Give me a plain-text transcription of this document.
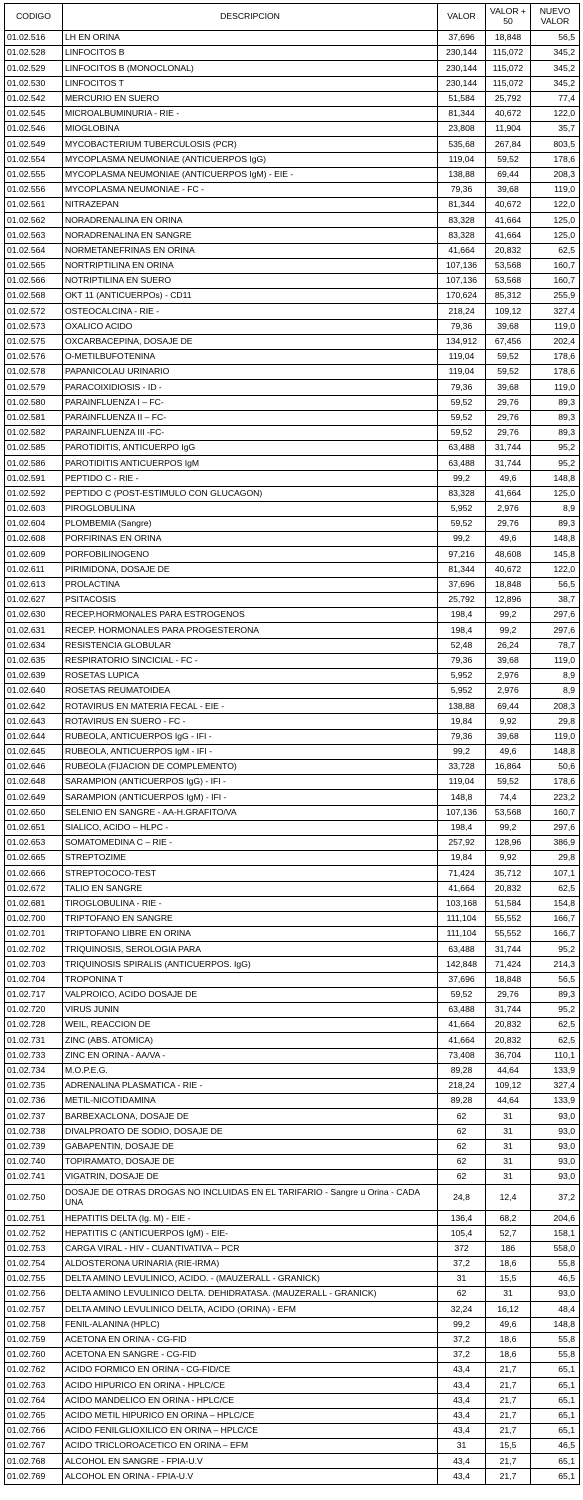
CODIGO	DESCRIPCION	VALOR	VALOR + 50	NUEVO VALOR
01.02.516	LH EN ORINA	37,696	18,848	56,5
01.02.528	LINFOCITOS B	230,144	115,072	345,2
01.02.529	LINFOCITOS B (MONOCLONAL)	230,144	115,072	345,2
01.02.530	LINFOCITOS T	230,144	115,072	345,2
01.02.542	MERCURIO EN SUERO	51,584	25,792	77,4
01.02.545	MICROALBUMINURIA - RIE -	81,344	40,672	122,0
01.02.546	MIOGLOBINA	23,808	11,904	35,7
01.02.549	MYCOBACTERIUM TUBERCULOSIS (PCR)	535,68	267,84	803,5
01.02.554	MYCOPLASMA NEUMONIAE (ANTICUERPOS IgG)	119,04	59,52	178,6
01.02.555	MYCOPLASMA NEUMONIAE (ANTICUERPOS IgM) - EIE -	138,88	69,44	208,3
01.02.556	MYCOPLASMA NEUMONIAE - FC -	79,36	39,68	119,0
01.02.561	NITRAZEPAN	81,344	40,672	122,0
01.02.562	NORADRENALINA EN ORINA	83,328	41,664	125,0
01.02.563	NORADRENALINA EN SANGRE	83,328	41,664	125,0
01.02.564	NORMETANEFRINAS EN ORINA	41,664	20,832	62,5
01.02.565	NORTRIPTILINA EN ORINA	107,136	53,568	160,7
01.02.566	NOTRIPTILINA EN SUERO	107,136	53,568	160,7
01.02.568	OKT 11 (ANTICUERPOs) - CD11	170,624	85,312	255,9
01.02.572	OSTEOCALCINA - RIE -	218,24	109,12	327,4
01.02.573	OXALICO ACIDO	79,36	39,68	119,0
01.02.575	OXCARBACEPINA, DOSAJE DE	134,912	67,456	202,4
01.02.576	O-METILBUFOTENINA	119,04	59,52	178,6
01.02.578	PAPANICOLAU URINARIO	119,04	59,52	178,6
01.02.579	PARACOIXIDIOSIS - ID -	79,36	39,68	119,0
01.02.580	PARAINFLUENZA I – FC-	59,52	29,76	89,3
01.02.581	PARAINFLUENZA II – FC-	59,52	29,76	89,3
01.02.582	PARAINFLUENZA III -FC-	59,52	29,76	89,3
01.02.585	PAROTIDITIS, ANTICUERPO IgG	63,488	31,744	95,2
01.02.586	PAROTIDITIS ANTICUERPOS IgM	63,488	31,744	95,2
01.02.591	PEPTIDO C - RIE -	99,2	49,6	148,8
01.02.592	PEPTIDO C (POST-ESTIMULO CON GLUCAGON)	83,328	41,664	125,0
01.02.603	PIROGLOBULINA	5,952	2,976	8,9
01.02.604	PLOMBEMIA (Sangre)	59,52	29,76	89,3
01.02.608	PORFIRINAS EN ORINA	99,2	49,6	148,8
01.02.609	PORFOBILINOGENO	97,216	48,608	145,8
01.02.611	PIRIMIDONA, DOSAJE DE	81,344	40,672	122,0
01.02.613	PROLACTINA	37,696	18,848	56,5
01.02.627	PSITACOSIS	25,792	12,896	38,7
01.02.630	RECEP.HORMONALES PARA ESTROGENOS	198,4	99,2	297,6
01.02.631	RECEP. HORMONALES PARA PROGESTERONA	198,4	99,2	297,6
01.02.634	RESISTENCIA GLOBULAR	52,48	26,24	78,7
01.02.635	RESPIRATORIO SINCICIAL - FC -	79,36	39,68	119,0
01.02.639	ROSETAS LUPICA	5,952	2,976	8,9
01.02.640	ROSETAS REUMATOIDEA	5,952	2,976	8,9
01.02.642	ROTAVIRUS EN MATERIA FECAL - EIE -	138,88	69,44	208,3
01.02.643	ROTAVIRUS EN SUERO - FC -	19,84	9,92	29,8
01.02.644	RUBEOLA, ANTICUERPOS IgG - IFI -	79,36	39,68	119,0
01.02.645	RUBEOLA, ANTICUERPOS IgM - IFI -	99,2	49,6	148,8
01.02.646	RUBEOLA (FIJACION DE COMPLEMENTO)	33,728	16,864	50,6
01.02.648	SARAMPION (ANTICUERPOS IgG) - IFI -	119,04	59,52	178,6
01.02.649	SARAMPION (ANTICUERPOS IgM) - IFI -	148,8	74,4	223,2
01.02.650	SELENIO EN SANGRE - AA-H.GRAFITO/VA	107,136	53,568	160,7
01.02.651	SIALICO, ACIDO – HLPC -	198,4	99,2	297,6
01.02.653	SOMATOMEDINA C – RIE -	257,92	128,96	386,9
01.02.665	STREPTOZIME	19,84	9,92	29,8
01.02.666	STREPTOCOCO-TEST	71,424	35,712	107,1
01.02.672	TALIO EN SANGRE	41,664	20,832	62,5
01.02.681	TIROGLOBULINA - RIE -	103,168	51,584	154,8
01.02.700	TRIPTOFANO EN SANGRE	111,104	55,552	166,7
01.02.701	TRIPTOFANO LIBRE EN ORINA	111,104	55,552	166,7
01.02.702	TRIQUINOSIS, SEROLOGIA PARA	63,488	31,744	95,2
01.02.703	TRIQUINOSIS SPIRALIS (ANTICUERPOS. IgG)	142,848	71,424	214,3
01.02.704	TROPONINA T	37,696	18,848	56,5
01.02.717	VALPROICO, ACIDO DOSAJE DE	59,52	29,76	89,3
01.02.720	VIRUS JUNIN	63,488	31,744	95,2
01.02.728	WEIL, REACCION DE	41,664	20,832	62,5
01.02.731	ZINC (ABS. ATOMICA)	41,664	20,832	62,5
01.02.733	ZINC EN ORINA - AA/VA -	73,408	36,704	110,1
01.02.734	M.O.P.E.G.	89,28	44,64	133,9
01.02.735	ADRENALINA PLASMATICA - RIE -	218,24	109,12	327,4
01.02.736	METIL-NICOTIDAMINA	89,28	44,64	133,9
01.02.737	BARBEXACLONA, DOSAJE DE	62	31	93,0
01.02.738	DIVALPROATO DE SODIO, DOSAJE DE	62	31	93,0
01.02.739	GABAPENTIN, DOSAJE DE	62	31	93,0
01.02.740	TOPIRAMATO, DOSAJE DE	62	31	93,0
01.02.741	VIGATRIN, DOSAJE DE	62	31	93,0
01.02.750	DOSAJE DE OTRAS DROGAS NO INCLUIDAS EN EL TARIFARIO - Sangre u Orina - CADA UNA	24,8	12,4	37,2
01.02.751	HEPATITIS DELTA (Ig. M) - EIE -	136,4	68,2	204,6
01.02.752	HEPATITIS C (ANTICUERPOS IgM) - EIE-	105,4	52,7	158,1
01.02.753	CARGA VIRAL - HIV - CUANTIVATIVA – PCR	372	186	558,0
01.02.754	ALDOSTERONA URINARIA (RIE-IRMA)	37,2	18,6	55,8
01.02.755	DELTA AMINO LEVULINICO, ACIDO. - (MAUZERALL - GRANICK)	31	15,5	46,5
01.02.756	DELTA AMINO LEVULINICO DELTA. DEHIDRATASA. (MAUZERALL - GRANICK)	62	31	93,0
01.02.757	DELTA AMINO LEVULINICO DELTA, ACIDO (ORINA) - EFM	32,24	16,12	48,4
01.02.758	FENIL-ALANINA (HPLC)	99,2	49,6	148,8
01.02.759	ACETONA EN ORINA - CG-FID	37,2	18,6	55,8
01.02.760	ACETONA EN SANGRE - CG-FID	37,2	18,6	55,8
01.02.762	ACIDO FORMICO EN ORINA - CG-FID/CE	43,4	21,7	65,1
01.02.763	ACIDO HIPURICO EN ORINA - HPLC/CE	43,4	21,7	65,1
01.02.764	ACIDO MANDELICO EN ORINA - HPLC/CE	43,4	21,7	65,1
01.02.765	ACIDO METIL HIPURICO EN ORINA – HPLC/CE	43,4	21,7	65,1
01.02.766	ACIDO FENILGLIOXILICO EN ORINA – HPLC/CE	43,4	21,7	65,1
01.02.767	ACIDO TRICLOROACETICO EN ORINA – EFM	31	15,5	46,5
01.02.768	ALCOHOL EN SANGRE - FPIA-U.V	43,4	21,7	65,1
01.02.769	ALCOHOL EN ORINA - FPIA-U.V	43,4	21,7	65,1
